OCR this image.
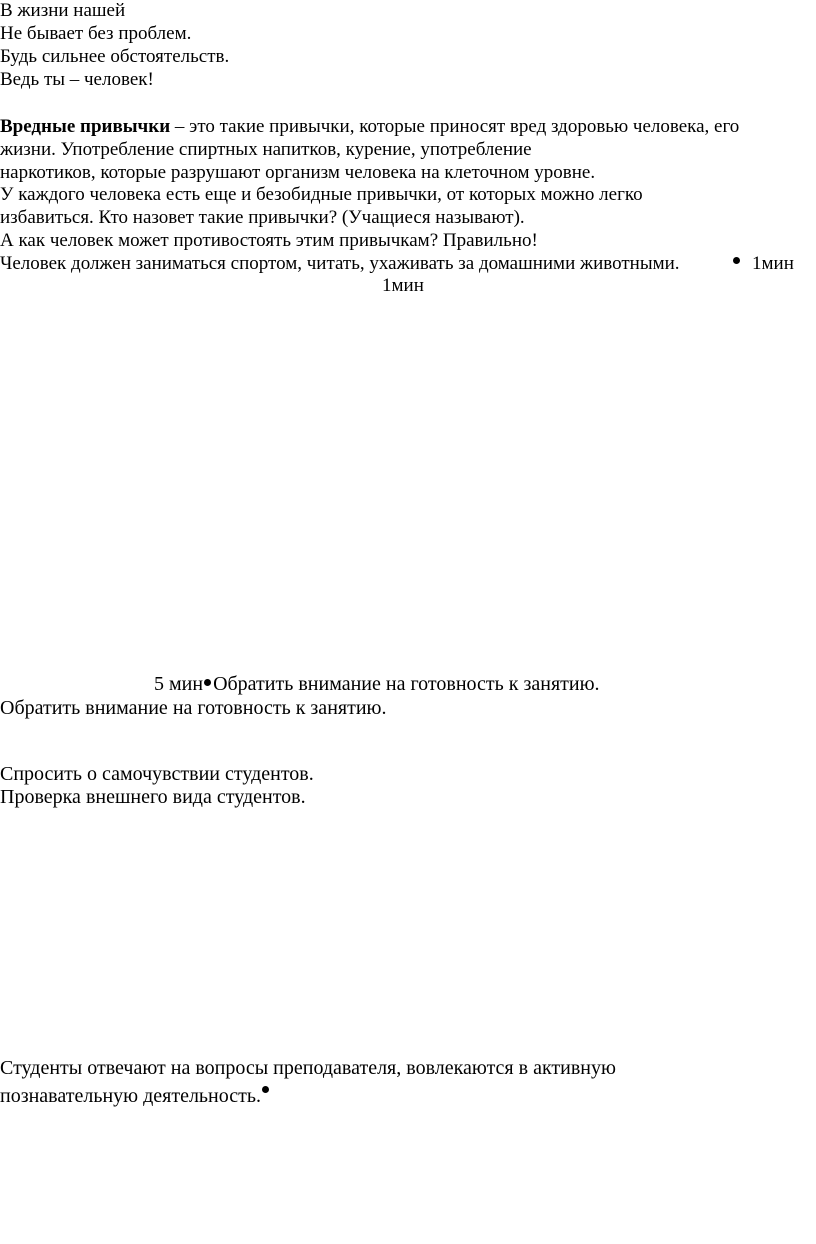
В жизни нашей
Не бывает без проблем.
Будь сильнее обстоятельств.
Ведь ты – человек!
Вредные привычки – это такие привычки, которые приносят вред здоровью человека, его
жизни. Употребление спиртных напитков, курение, употребление
наркотиков, которые разрушают организм человека на клеточном уровне.
У каждого человека есть еще и безобидные привычки, от которых можно легко
избавиться. Кто назовет такие привычки? (Учащиеся называют).
А как человек может противостоять этим привычкам? Правильно!
Человек должен заниматься спортом, читать, ухаживать за домашними животными.	1мин
1мин
5 мин Обратить внимание на готовность к занятию.
Обратить внимание на готовность к занятию.
Спросить о самочувствии студентов.
Проверка внешнего вида студентов.
Студенты отвечают на вопросы преподавателя, вовлекаются в активную
познавательную деятельность.
